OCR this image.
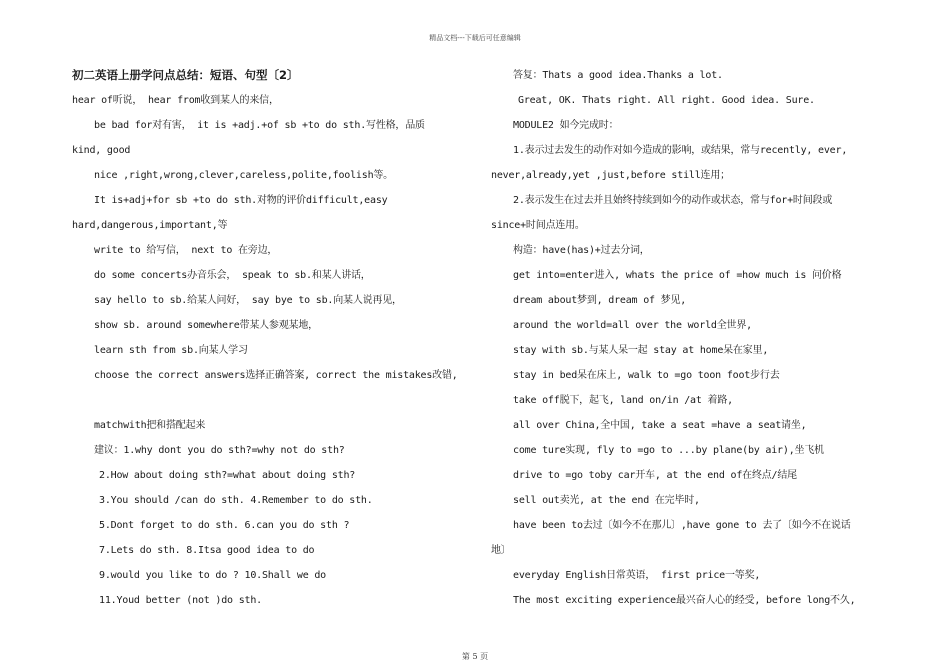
精品文档---下载后可任意编辑
初二英语上册学问点总结：短语、句型〔2〕
hear of听说， hear from收到某人的来信，
be bad for对有害， it is +adj.+of sb +to do sth.写性格，品质
kind, good
nice ,right,wrong,clever,careless,polite,foolish等。
It is+adj+for sb +to do sth.对物的评价difficult,easy
hard,dangerous,important,等
write to 给写信， next to 在旁边，
do some concerts办音乐会， speak to sb.和某人讲话，
say hello to sb.给某人问好， say bye to sb.向某人说再见，
show sb. around somewhere带某人参观某地，
learn sth from sb.向某人学习
choose the correct answers选择正确答案, correct the mistakes改错,
matchwith把和搭配起来
建议：1.why dont you do sth?=why not do sth?
2.How about doing sth?=what about doing sth?
3.You should /can do sth. 4.Remember to do sth.
5.Dont forget to do sth. 6.can you do sth ?
7.Lets do sth. 8.Itsa good idea to do
9.would you like to do ? 10.Shall we do
11.Youd better (not )do sth.
答复：Thats a good idea.Thanks a lot.
Great, OK. Thats right. All right. Good idea. Sure.
MODULE2 如今完成时：
1.表示过去发生的动作对如今造成的影响，或结果，常与recently, ever,
never,already,yet ,just,before still连用；
2.表示发生在过去并且始终持续到如今的动作或状态，常与for+时间段或
since+时间点连用。
构造：have(has)+过去分词，
get into=enter进入, whats the price of =how much is 问价格
dream about梦到, dream of 梦见,
around the world=all over the world全世界,
stay with sb.与某人呆一起 stay at home呆在家里,
stay in bed呆在床上, walk to =go toon foot步行去
take off脱下，起飞, land on/in /at 着路,
all over China,全中国, take a seat =have a seat请坐,
come ture实现, fly to =go to ...by plane(by air),坐飞机
drive to =go toby car开车, at the end of在终点/结尾
sell out卖光, at the end 在完毕时,
have been to去过〔如今不在那儿〕,have gone to 去了〔如今不在说话
地〕
everyday English日常英语， first price一等奖,
The most exciting experience最兴奋人心的经受, before long不久,
第 5 页
